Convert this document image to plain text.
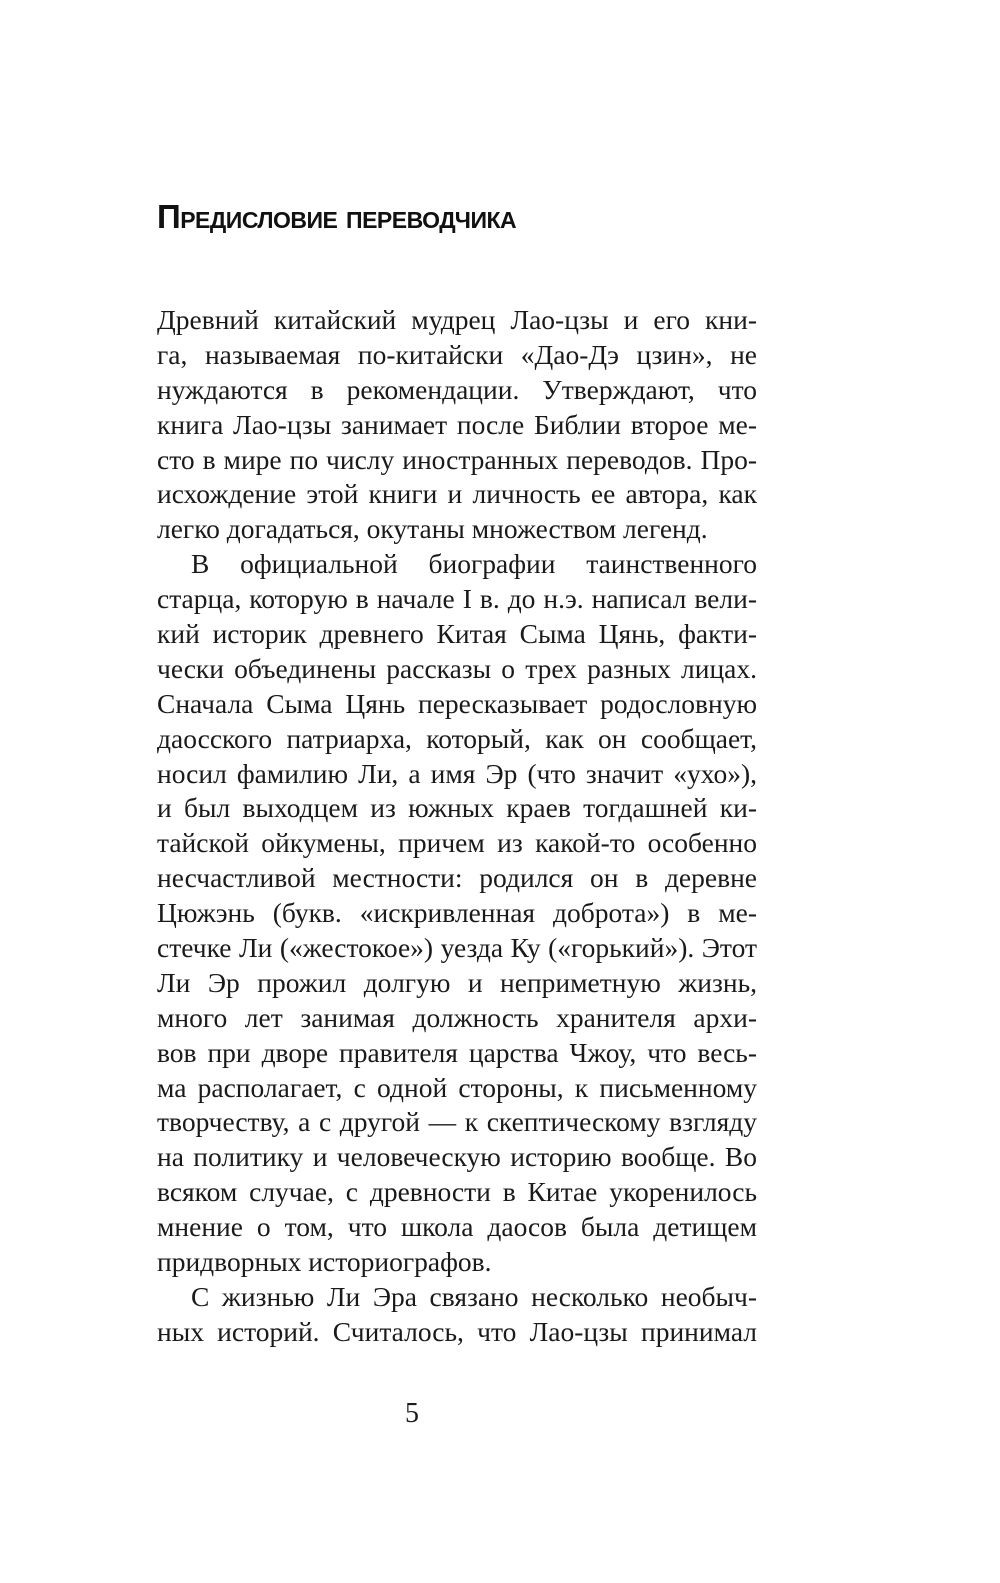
Предисловие переводчика
Древний китайский мудрец Лао-цзы и его кни-
га, называемая по-китайски «Дао-Дэ цзин», не
нуждаются в рекомендации. Утверждают, что
книга Лао-цзы занимает после Библии второе ме-
сто в мире по числу иностранных переводов. Про-
исхождение этой книги и личность ее автора, как
легко догадаться, окутаны множеством легенд.
В официальной биографии таинственного
старца, которую в начале I в. до н.э. написал вели-
кий историк древнего Китая Сыма Цянь, факти-
чески объединены рассказы о трех разных лицах.
Сначала Сыма Цянь пересказывает родословную
даосского патриарха, который, как он сообщает,
носил фамилию Ли, а имя Эр (что значит «ухо»),
и был выходцем из южных краев тогдашней ки-
тайской ойкумены, причем из какой-то особенно
несчастливой местности: родился он в деревне
Цюжэнь (букв. «искривленная доброта») в ме-
стечке Ли («жестокое») уезда Ку («горький»). Этот
Ли Эр прожил долгую и неприметную жизнь,
много лет занимая должность хранителя архи-
вов при дворе правителя царства Чжоу, что весь-
ма располагает, с одной стороны, к письменному
творчеству, а с другой — к скептическому взгляду
на политику и человеческую историю вообще. Во
всяком случае, с древности в Китае укоренилось
мнение о том, что школа даосов была детищем
придворных историографов.
С жизнью Ли Эра связано несколько необыч-
ных историй. Считалось, что Лао-цзы принимал
5
